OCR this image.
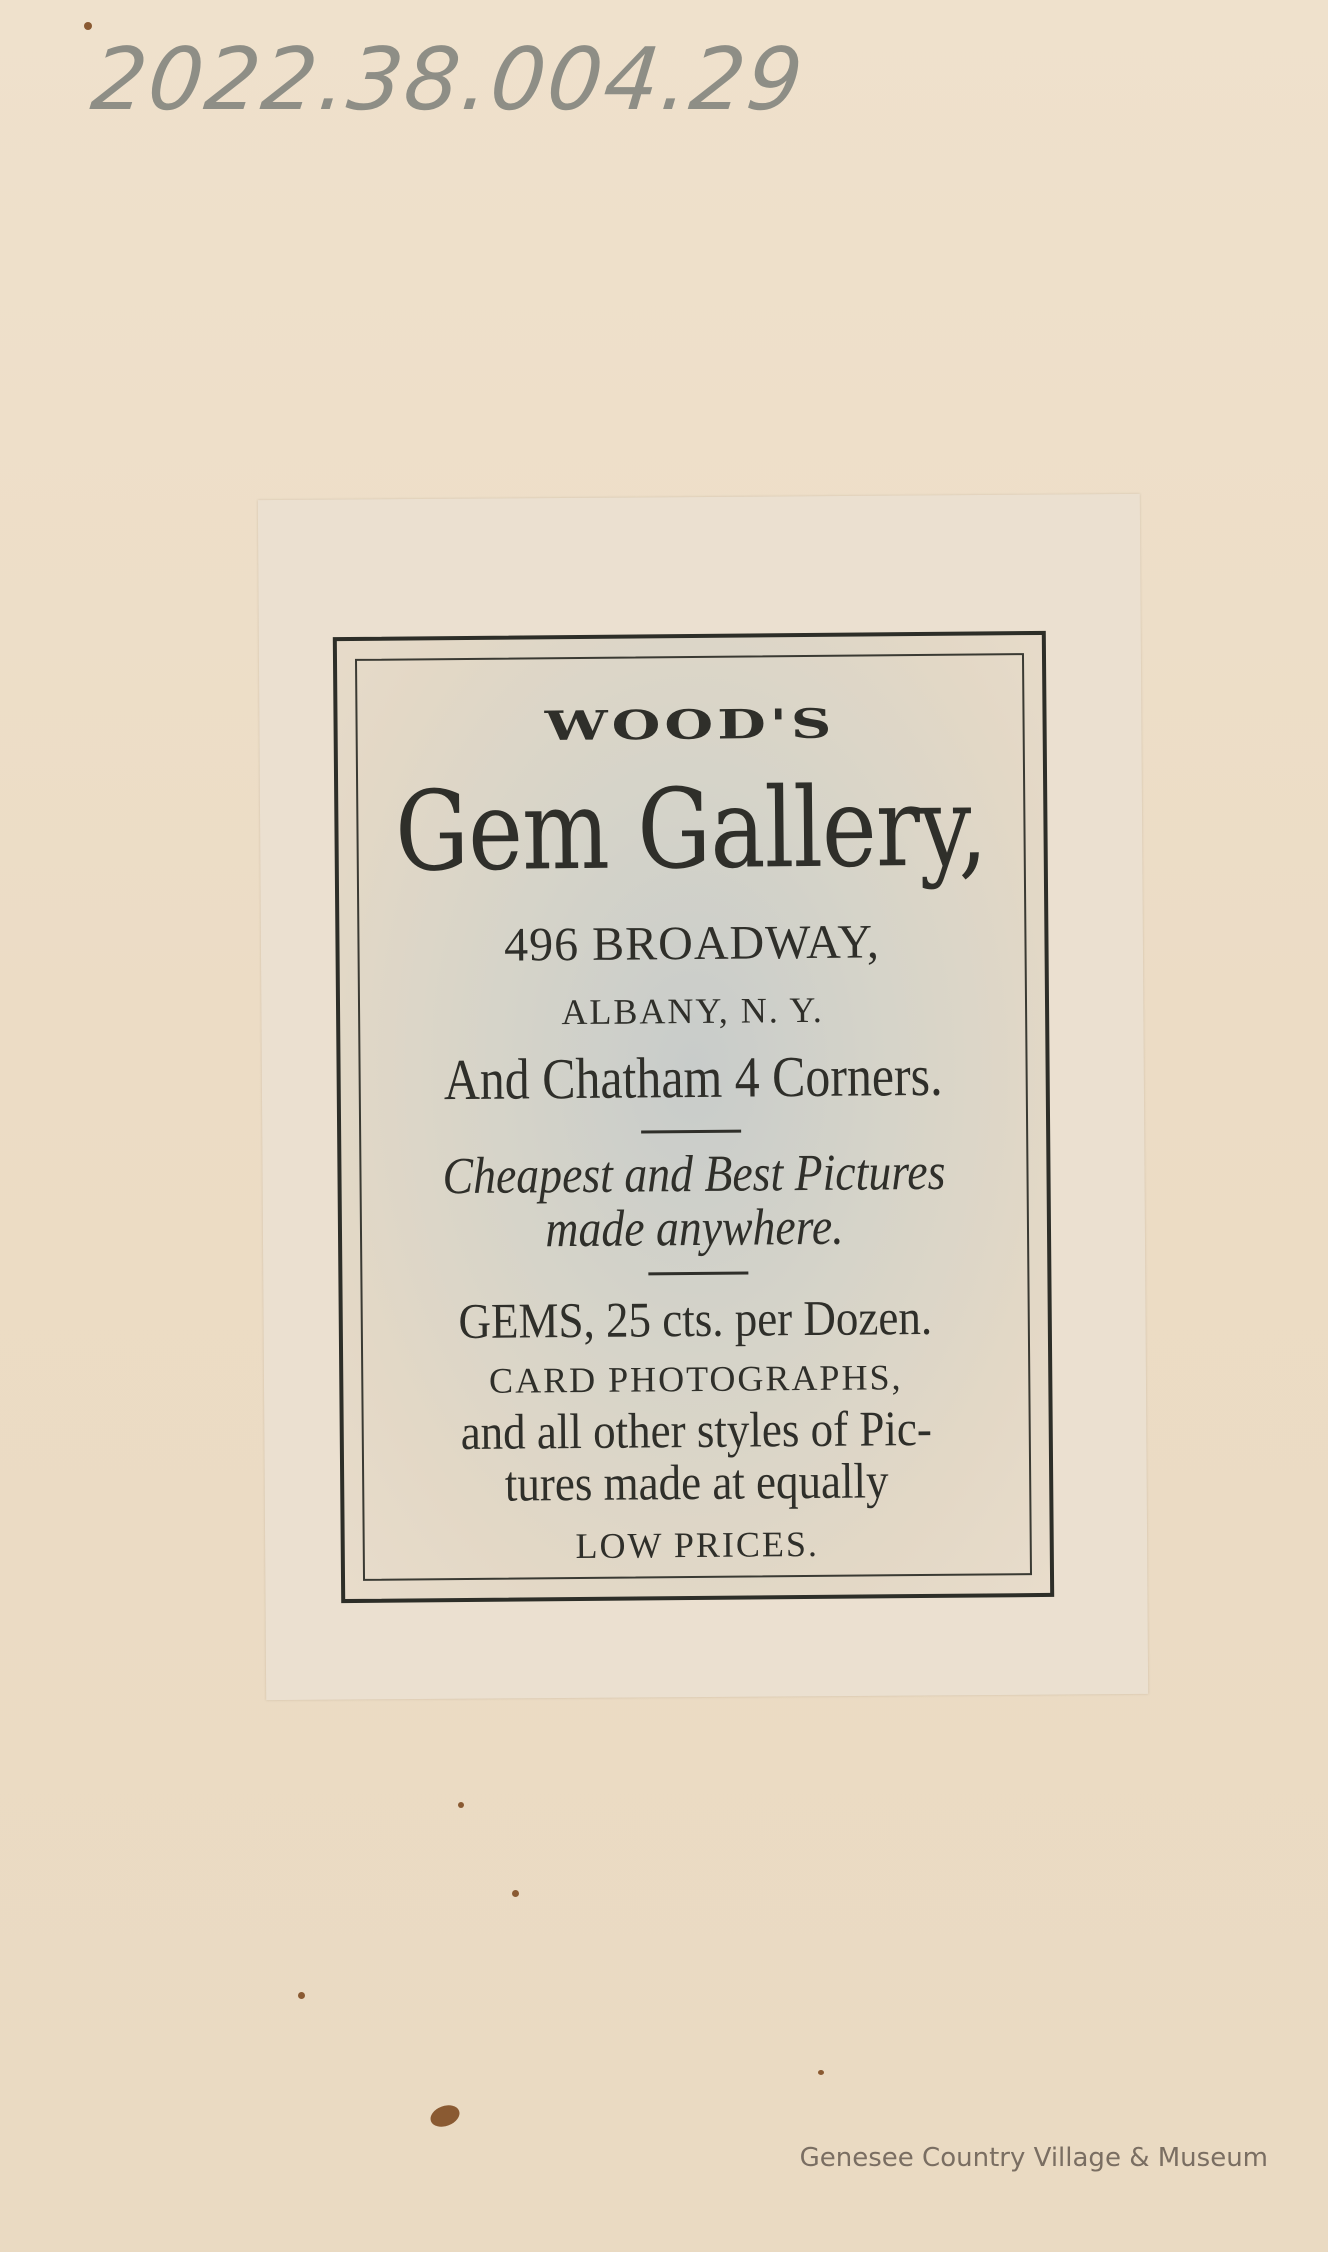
2022.38.004.29
WOOD'S
Gem Gallery,
496 BROADWAY,
ALBANY, N. Y.
And Chatham 4 Corners.
Cheapest and Best Pictures
made anywhere.
GEMS, 25 cts. per Dozen.
CARD PHOTOGRAPHS,
and all other styles of Pic-
tures made at equally
LOW PRICES.
Genesee Country Village & Museum
